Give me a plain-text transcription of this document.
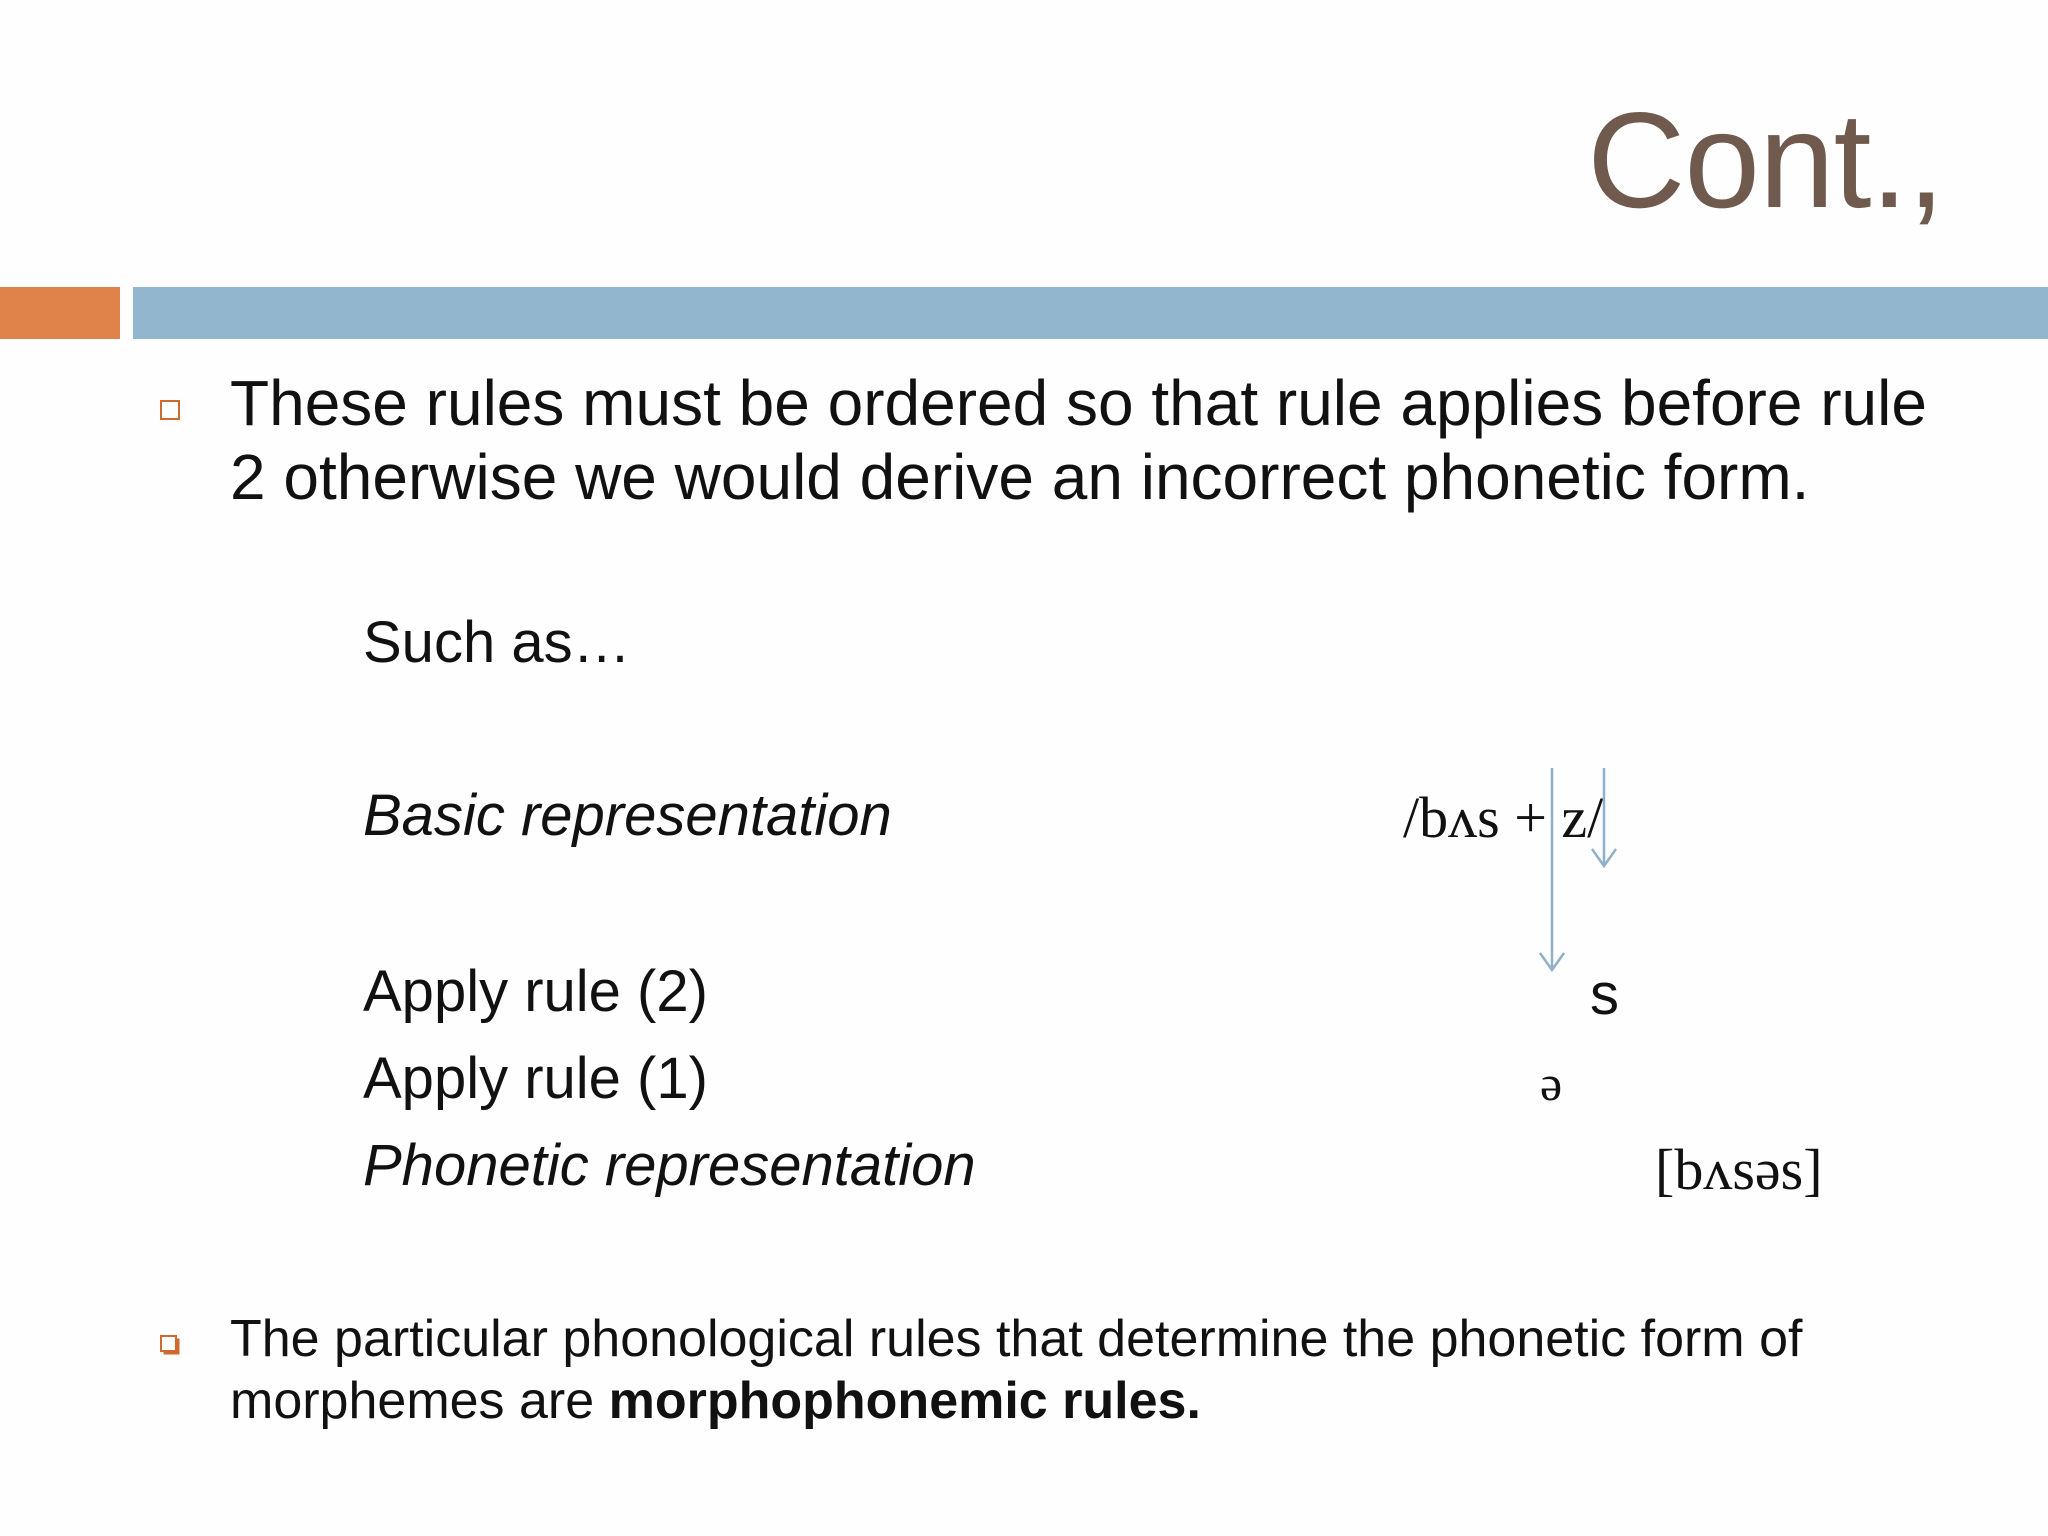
Cont.,
These rules must be ordered so that rule applies before rule 2 otherwise we would derive an incorrect phonetic form.
Such as…
Basic representation	/bʌs + z/
Apply rule (2)	s
Apply rule (1)	ə
Phonetic representation	[bʌsəs]
The particular phonological rules that determine the phonetic form of morphemes are morphophonemic rules.
